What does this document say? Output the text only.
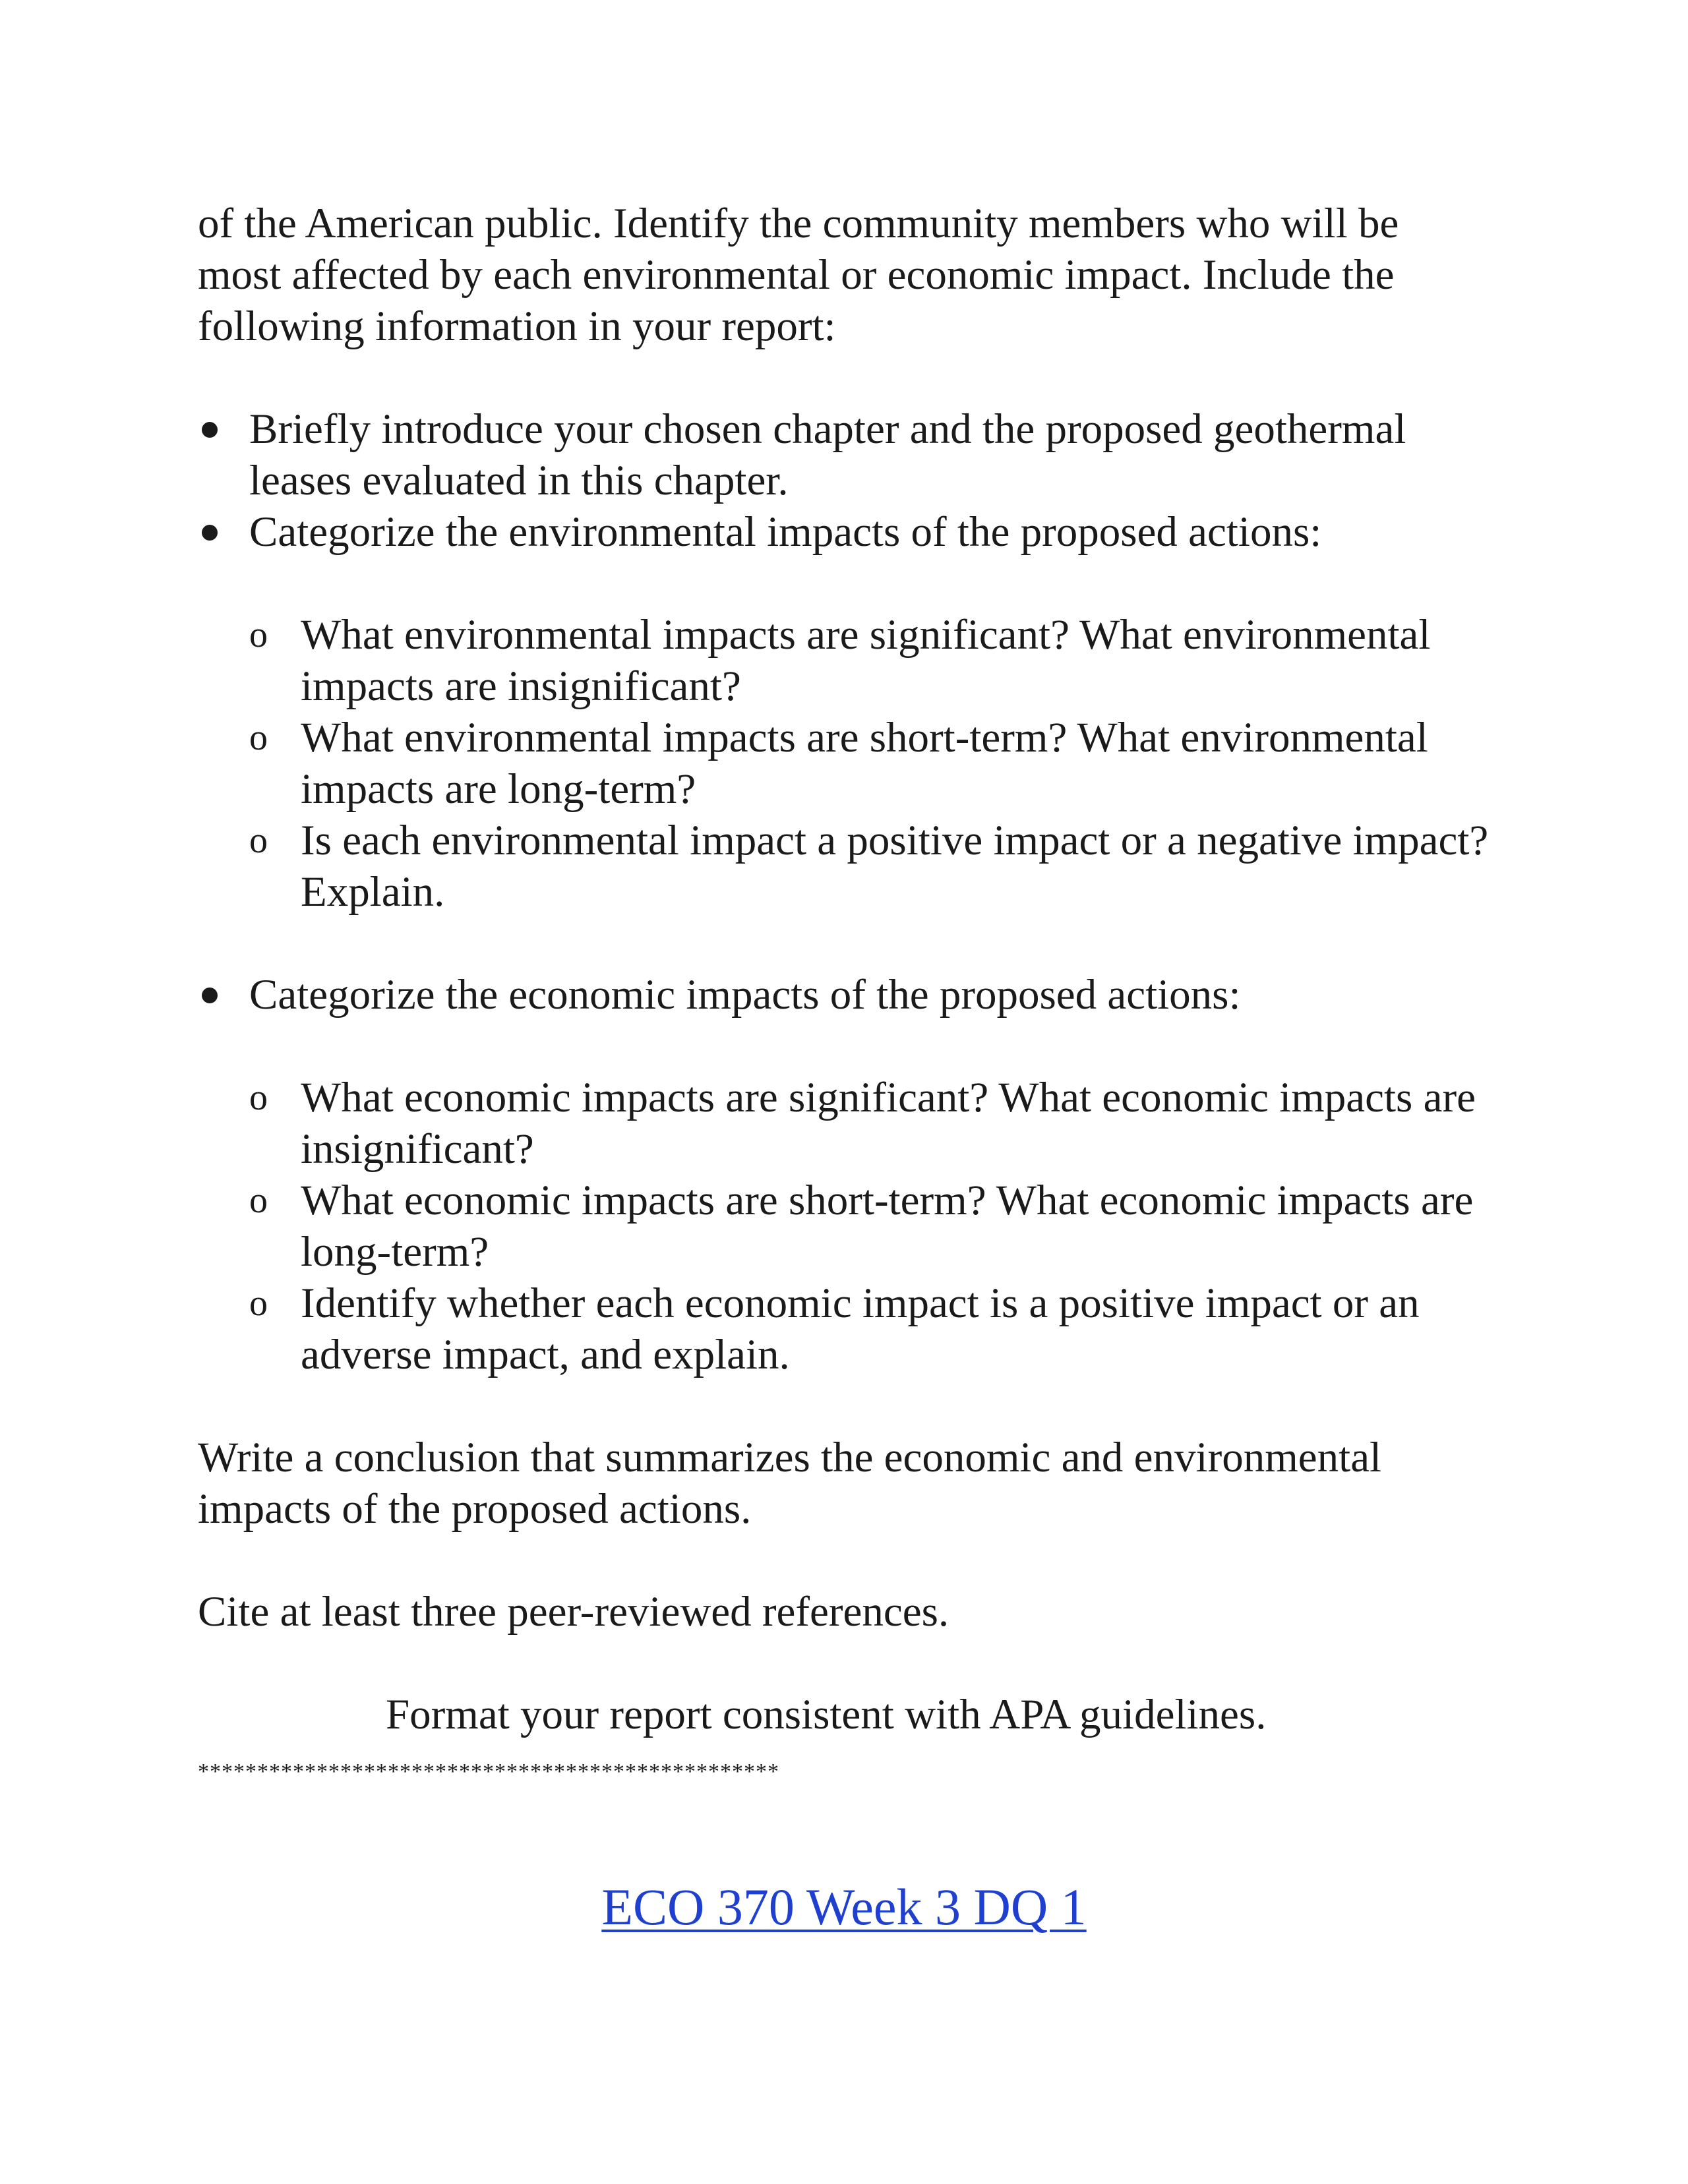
of the American public. Identify the community members who will be most affected by each environmental or economic impact. Include the following information in your report:

Briefly introduce your chosen chapter and the proposed geothermal leases evaluated in this chapter.
Categorize the environmental impacts of the proposed actions:
o What environmental impacts are significant? What environmental impacts are insignificant?
o What environmental impacts are short-term? What environmental impacts are long-term?
o Is each environmental impact a positive impact or a negative impact? Explain.
Categorize the economic impacts of the proposed actions:
o What economic impacts are significant? What economic impacts are insignificant?
o What economic impacts are short-term? What economic impacts are long-term?
o Identify whether each economic impact is a positive impact or an adverse impact, and explain.

Write a conclusion that summarizes the economic and environmental impacts of the proposed actions.

Cite at least three peer-reviewed references.

Format your report consistent with APA guidelines.

*************************************************

ECO 370 Week 3 DQ 1
